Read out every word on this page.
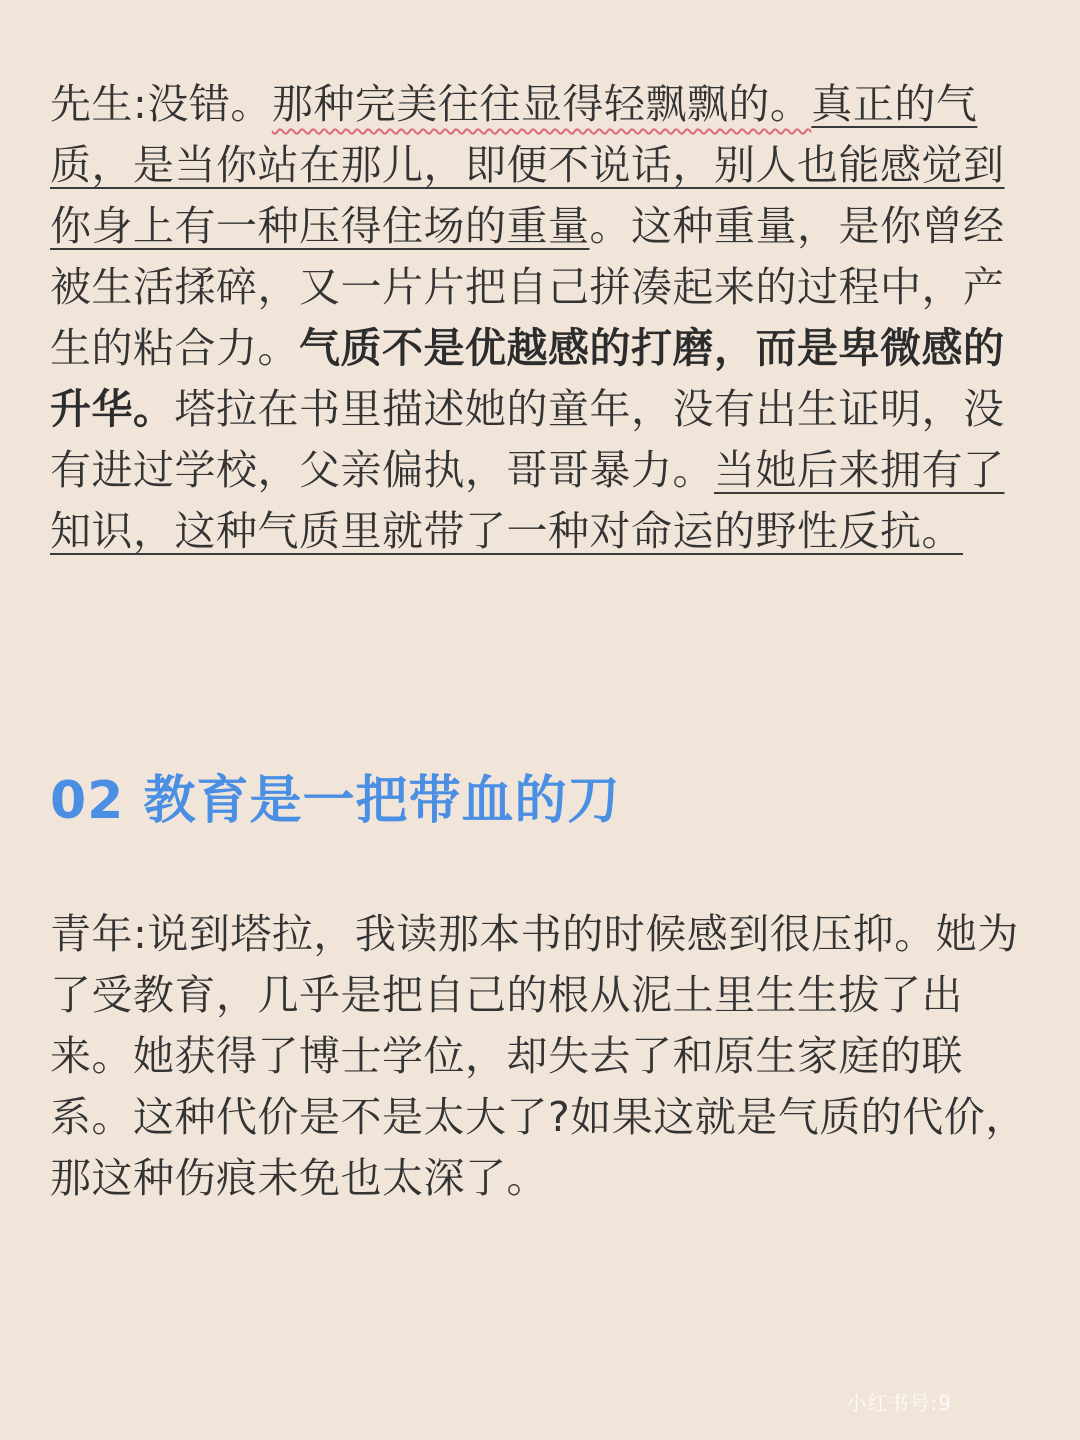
先生:没错。那种完美往往显得轻飘飘的。真正的气质，是当你站在那儿，即便不说话，别人也能感觉到你身上有一种压得住场的重量。这种重量，是你曾经被生活揉碎，又一片片把自己拼凑起来的过程中，产生的粘合力。气质不是优越感的打磨，而是卑微感的升华。塔拉在书里描述她的童年，没有出生证明，没有进过学校，父亲偏执，哥哥暴力。当她后来拥有了知识，这种气质里就带了一种对命运的野性反抗。

02 教育是一把带血的刀

青年:说到塔拉，我读那本书的时候感到很压抑。她为了受教育，几乎是把自己的根从泥土里生生拔了出来。她获得了博士学位，却失去了和原生家庭的联系。这种代价是不是太大了?如果这就是气质的代价，那这种伤痕未免也太深了。

小红书号:9
